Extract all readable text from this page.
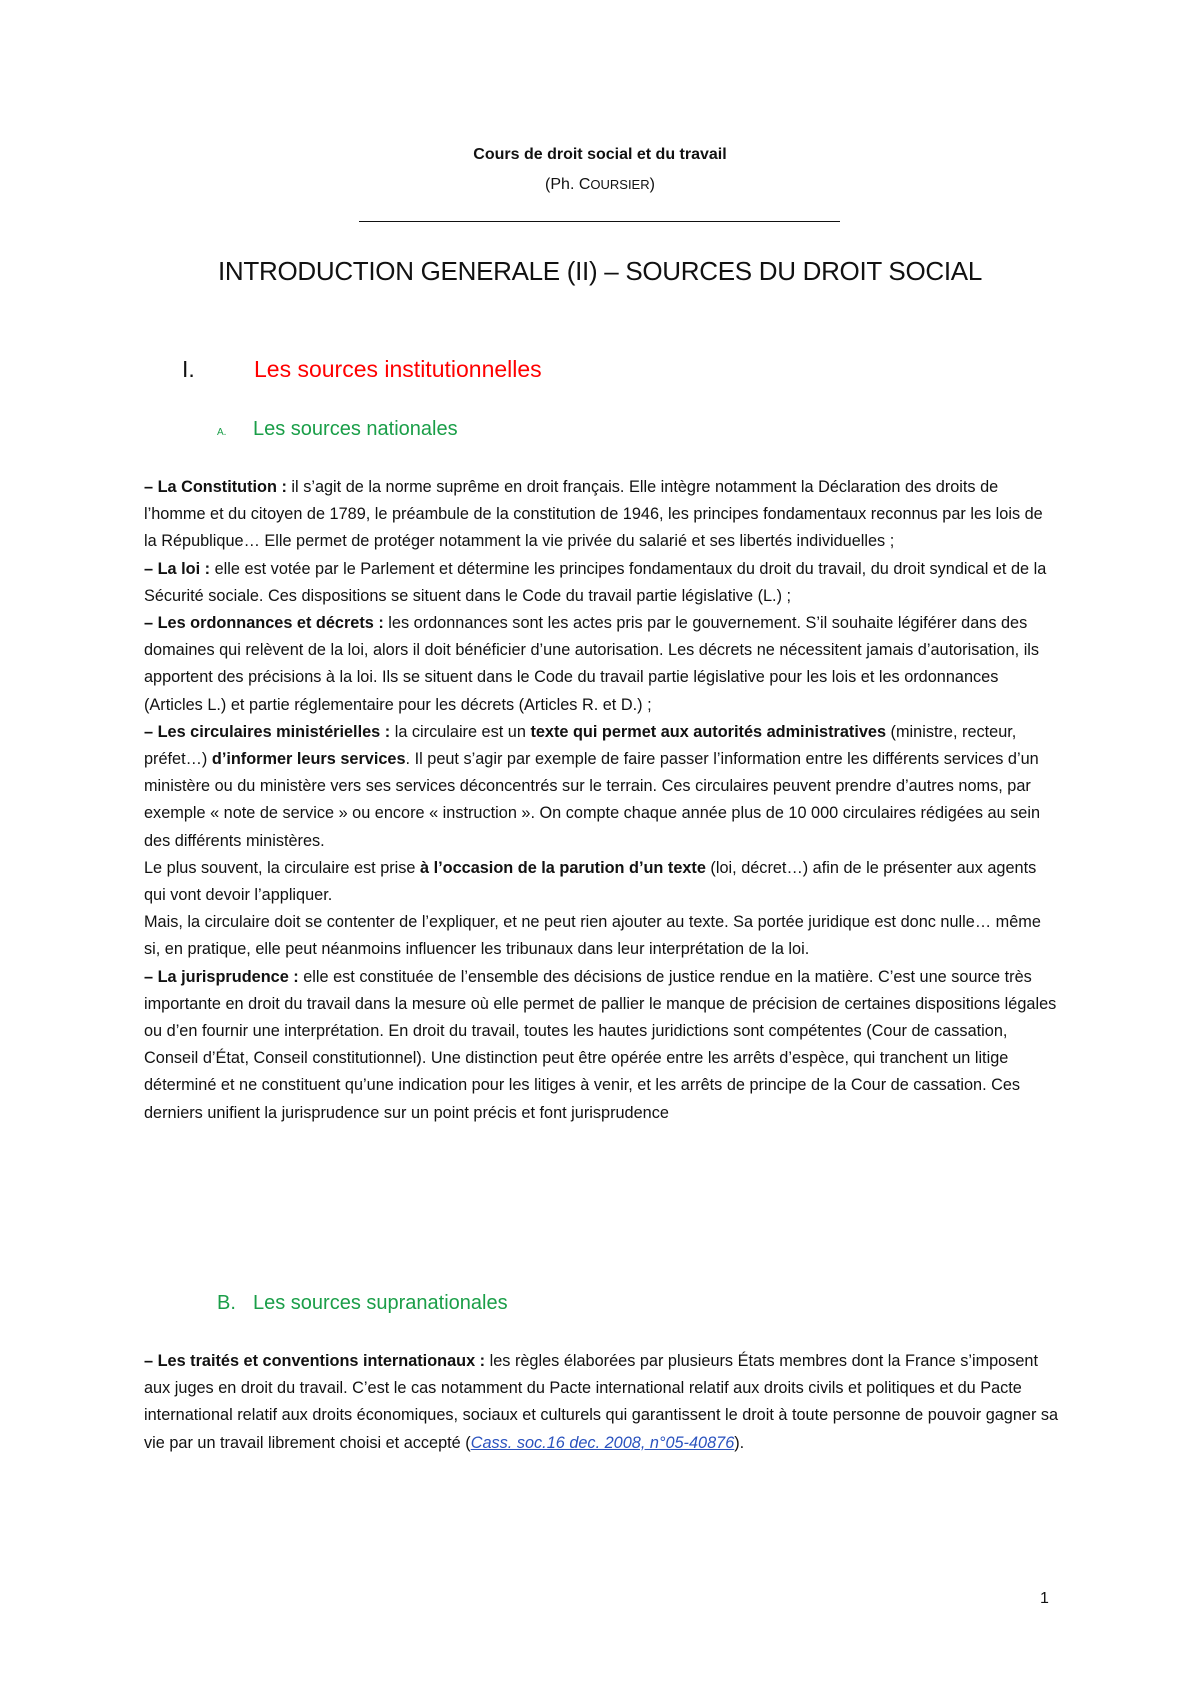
Cours de droit social et du travail
(Ph. COURSIER)
INTRODUCTION GENERALE (II) – SOURCES DU DROIT SOCIAL
I.	Les sources institutionnelles
A. Les sources nationales

– La Constitution : il s’agit de la norme suprême en droit français. Elle intègre notamment la Déclaration des droits de l’homme et du citoyen de 1789, le préambule de la constitution de 1946, les principes fondamentaux reconnus par les lois de la République… Elle permet de protéger notamment la vie privée du salarié et ses libertés individuelles ;

– La loi : elle est votée par le Parlement et détermine les principes fondamentaux du droit du travail, du droit syndical et de la Sécurité sociale. Ces dispositions se situent dans le Code du travail partie législative (L.) ;

– Les ordonnances et décrets : les ordonnances sont les actes pris par le gouvernement. S’il souhaite légiférer dans des domaines qui relèvent de la loi, alors il doit bénéficier d’une autorisation. Les décrets ne nécessitent jamais d’autorisation, ils apportent des précisions à la loi. Ils se situent dans le Code du travail partie législative pour les lois et les ordonnances (Articles L.) et partie réglementaire pour les décrets (Articles R. et D.) ;

– Les circulaires ministérielles : la circulaire est un texte qui permet aux autorités administratives (ministre, recteur, préfet…) d’informer leurs services. Il peut s’agir par exemple de faire passer l’information entre les différents services d’un ministère ou du ministère vers ses services déconcentrés sur le terrain. Ces circulaires peuvent prendre d’autres noms, par exemple « note de service » ou encore « instruction ». On compte chaque année plus de 10 000 circulaires rédigées au sein des différents ministères.

Le plus souvent, la circulaire est prise à l’occasion de la parution d’un texte (loi, décret…) afin de le présenter aux agents qui vont devoir l’appliquer.

Mais, la circulaire doit se contenter de l’expliquer, et ne peut rien ajouter au texte. Sa portée juridique est donc nulle… même si, en pratique, elle peut néanmoins influencer les tribunaux dans leur interprétation de la loi.

– La jurisprudence : elle est constituée de l’ensemble des décisions de justice rendue en la matière. C’est une source très importante en droit du travail dans la mesure où elle permet de pallier le manque de précision de certaines dispositions légales ou d’en fournir une interprétation. En droit du travail, toutes les hautes juridictions sont compétentes (Cour de cassation, Conseil d’État, Conseil constitutionnel). Une distinction peut être opérée entre les arrêts d’espèce, qui tranchent un litige déterminé et ne constituent qu’une indication pour les litiges à venir, et les arrêts de principe de la Cour de cassation. Ces derniers unifient la jurisprudence sur un point précis et font jurisprudence

B. Les sources supranationales

– Les traités et conventions internationaux : les règles élaborées par plusieurs États membres dont la France s’imposent aux juges en droit du travail. C’est le cas notamment du Pacte international relatif aux droits civils et politiques et du Pacte international relatif aux droits économiques, sociaux et culturels qui garantissent le droit à toute personne de pouvoir gagner sa vie par un travail librement choisi et accepté (Cass. soc.16 dec. 2008, n°05-40876).

1
